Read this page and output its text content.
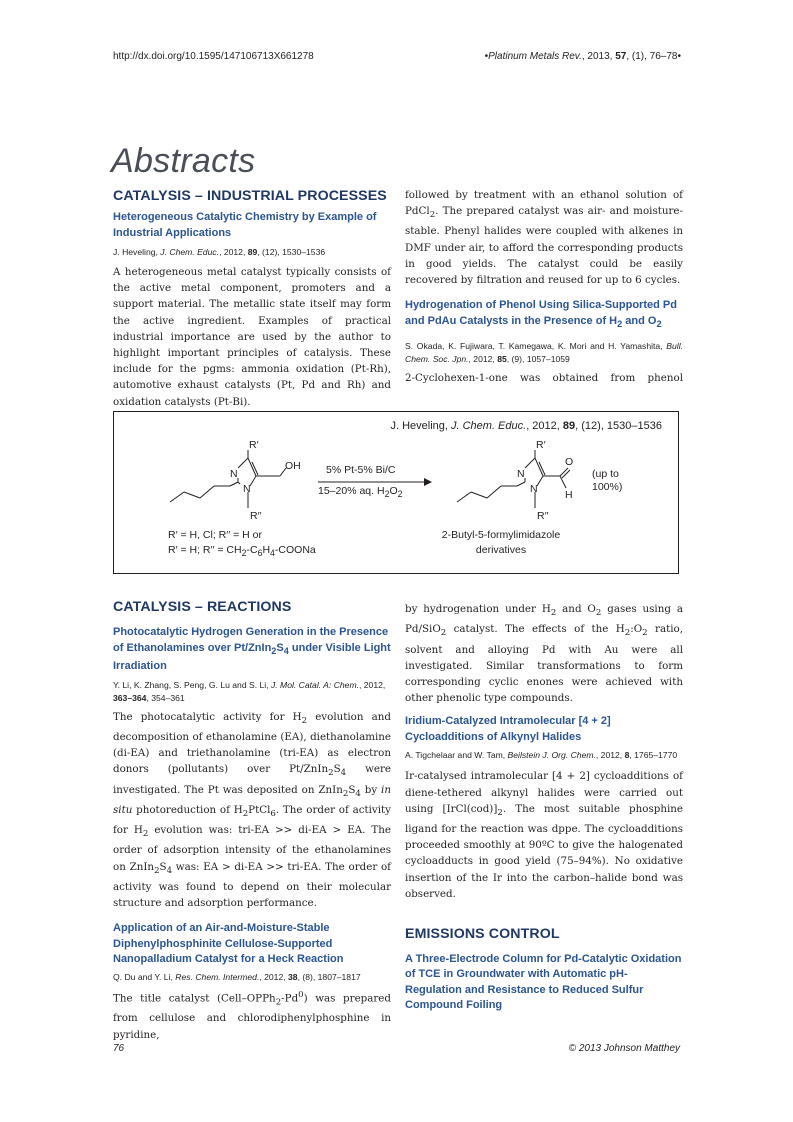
http://dx.doi.org/10.1595/147106713X661278	•Platinum Metals Rev., 2013, 57, (1), 76–78•
Abstracts
CATALYSIS – INDUSTRIAL PROCESSES
Heterogeneous Catalytic Chemistry by Example of Industrial Applications

J. Heveling, J. Chem. Educ., 2012, 89, (12), 1530–1536

A heterogeneous metal catalyst typically consists of the active metal component, promoters and a support material. The metallic state itself may form the active ingredient. Examples of practical industrial importance are used by the author to highlight important principles of catalysis. These include for the pgms: ammonia oxidation (Pt-Rh), automotive exhaust catalysts (Pt, Pd and Rh) and oxidation catalysts (Pt-Bi).

followed by treatment with an ethanol solution of PdCl$_2$. The prepared catalyst was air- and moisture-stable. Phenyl halides were coupled with alkenes in DMF under air, to afford the corresponding products in good yields. The catalyst could be easily recovered by filtration and reused for up to 6 cycles.

Hydrogenation of Phenol Using Silica-Supported Pd and PdAu Catalysts in the Presence of $H_2$ and $O_2$

S. Okada, K. Fujiwara, T. Kamegawa, K. Mori and H. Yamashita, Bull. Chem. Soc. Jpn., 2012, 85, (9), 1057–1059

2-Cyclohexen-1-one was obtained from phenol

J. Heveling, J. Chem. Educ., 2012, 89, (12), 1530–1536
R′
N
N
OH
R′′
5% Pt-5% Bi/C
15–20% aq. $H_2O_2$
R′
N
N
O
H
R′′
(up to 100%)
R′ = H, Cl; R′′ = H or
R′ = H; $R'' = CH_2-C_6H_4$-COONa
2-Butyl-5-formylimidazole
derivatives
CATALYSIS – REACTIONS
Photocatalytic Hydrogen Generation in the Presence of Ethanolamines over $Pt/ZnIn_2S_4$ under Visible Light Irradiation

Y. Li, K. Zhang, S. Peng, G. Lu and S. Li, J. Mol. Catal. A: Chem., 2012, 363–364, 354–361

The photocatalytic activity for $H_2$ evolution and decomposition of ethanolamine (EA), diethanolamine (di-EA) and triethanolamine (tri-EA) as electron donors (pollutants) over $Pt/ZnIn_2S_4$ were investigated. The Pt was deposited on $ZnIn_2S_4$ by in situ photoreduction of $H_2PtCl_6$. The order of activity for $H_2$ evolution was: tri-EA >> di-EA > EA. The order of adsorption intensity of the ethanolamines on $ZnIn_2S_4$ was: EA > di-EA >> tri-EA. The order of activity was found to depend on their molecular structure and adsorption performance.

Application of an Air-and-Moisture-Stable Diphenylphosphinite Cellulose-Supported Nanopalladium Catalyst for a Heck Reaction

Q. Du and Y. Li, Res. Chem. Intermed., 2012, 38, (8), 1807–1817

The title catalyst $(Cell-OPPh_2-Pd^0)$ was prepared from cellulose and chlorodiphenylphosphine in pyridine,

by hydrogenation under $H_2$ and $O_2$ gases using a Pd/SiO$_2$ catalyst. The effects of the $H_2:O_2$ ratio, solvent and alloying Pd with Au were all investigated. Similar transformations to form corresponding cyclic enones were achieved with other phenolic type compounds.

Iridium-Catalyzed Intramolecular [4 + 2] Cycloadditions of Alkynyl Halides

A. Tigchelaar and W. Tam, Beilstein J. Org. Chem., 2012, 8, 1765–1770

Ir-catalysed intramolecular [4 + 2] cycloadditions of diene-tethered alkynyl halides were carried out using $[IrCl(cod)]_2$. The most suitable phosphine ligand for the reaction was dppe. The cycloadditions proceeded smoothly at 90ºC to give the halogenated cycloadducts in good yield (75–94%). No oxidative insertion of the Ir into the carbon–halide bond was observed.

EMISSIONS CONTROL
A Three-Electrode Column for Pd-Catalytic Oxidation of TCE in Groundwater with Automatic pH-Regulation and Resistance to Reduced Sulfur Compound Foiling
76	© 2013 Johnson Matthey
